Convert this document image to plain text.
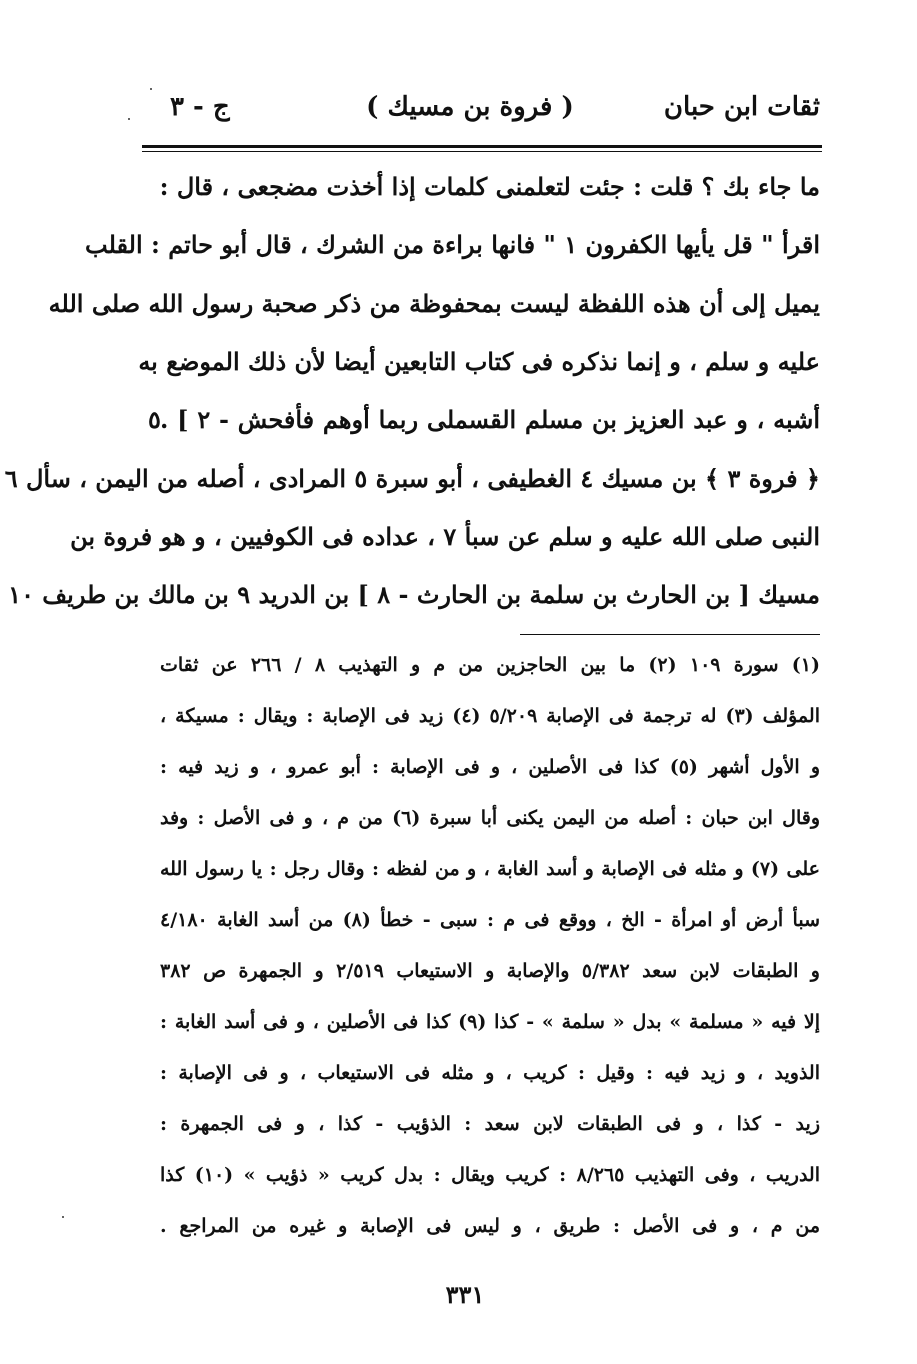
ثقات ابن حبان
( فروة بن مسيك )
ج - ٣
ما جاء بك ؟ قلت : جئت لتعلمنى كلمات إذا أخذت مضجعى ، قال :
اقرأ " قل يأيها الكفرون ١ " فانها براءة من الشرك ، قال أبو حاتم : القلب
يميل إلى أن هذه اللفظة ليست بمحفوظة من ذكر صحبة رسول الله صلى الله
عليه و سلم ، و إنما نذكره فى كتاب التابعين أيضا لأن ذلك الموضع به
أشبه ، و عبد العزيز بن مسلم القسملى ربما أوهم فأفحش - ٢ ] .
﴿ فروة ٣ ﴾ بن مسيك ٤ الغطيفى ، أبو سبرة ٥ المرادى ، أصله من اليمن ، سأل ٦
النبى صلى الله عليه و سلم عن سبأ ٧ ، عداده فى الكوفيين ، و هو فروة بن
مسيك [ بن الحارث بن سلمة بن الحارث - ٨ ] بن الدريد ٩ بن مالك بن طريف ١٠
٥
(١) سورة ١٠٩ (٢) ما بين الحاجزين من م و التهذيب ٨ / ٢٦٦ عن ثقات
المؤلف (٣) له ترجمة فى الإصابة ٥/٢٠٩ (٤) زيد فى الإصابة : ويقال : مسيكة ،
و الأول أشهر (٥) كذا فى الأصلين ، و فى الإصابة : أبو عمرو ، و زيد فيه :
وقال ابن حبان : أصله من اليمن يكنى أبا سبرة (٦) من م ، و فى الأصل : وفد
على (٧) و مثله فى الإصابة و أسد الغابة ، و من لفظه : وقال رجل : يا رسول الله
سبأ أرض أو امرأة - الخ ، ووقع فى م : سبى - خطأ (٨) من أسد الغابة ٤/١٨٠
و الطبقات لابن سعد ٥/٣٨٢ والإصابة و الاستيعاب ٢/٥١٩ و الجمهرة ص ٣٨٢
إلا فيه « مسلمة » بدل « سلمة » - كذا (٩) كذا فى الأصلين ، و فى أسد الغابة :
الذويد ، و زيد فيه : وقيل : كريب ، و مثله فى الاستيعاب ، و فى الإصابة :
زيد - كذا ، و فى الطبقات لابن سعد : الذؤيب - كذا ، و فى الجمهرة :
الدريب ، وفى التهذيب ٨/٢٦٥ : كريب ويقال : بدل كريب « ذؤيب » (١٠) كذا
من م ، و فى الأصل : طريق ، و ليس فى الإصابة و غيره من المراجع .
٣٣١
